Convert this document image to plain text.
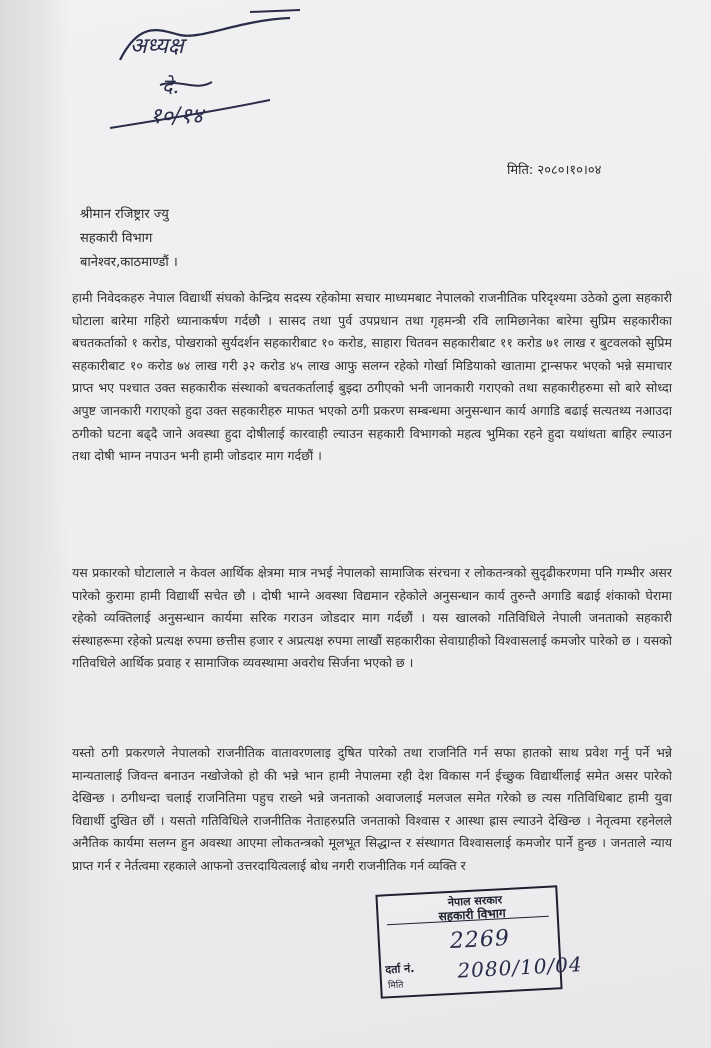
अध्यक्ष
दे.
१०/१४
मिति: २०८०।१०।०४
श्रीमान रजिष्ट्रार ज्यु
सहकारी विभाग
बानेश्वर,काठमाण्डौं ।

हामी निवेदकहरु नेपाल विद्यार्थी संघको केन्द्रिय सदस्य रहेकोमा सचार माध्यमबाट नेपालको राजनीतिक परिदृश्यमा उठेको ठुला सहकारी घोटाला बारेमा गहिरो ध्यानाकर्षण गर्दछौ । सासद तथा पुर्व उपप्रधान तथा गृहमन्त्री रवि लामिछानेका बारेमा सुप्रिम सहकारीका बचतकर्ताको १ करोड, पोखराको सुर्यदर्शन सहकारीबाट १० करोड, साहारा चितवन सहकारीबाट ११ करोड ७१ लाख र बुटवलको सुप्रिम सहकारीबाट १० करोड ७४ लाख गरी ३२ करोड ४५ लाख आफु सलग्न रहेको गोर्खा मिडियाको खातामा ट्रान्सफर भएको भन्ने समाचार प्राप्त भए पश्चात उक्त सहकारीक संस्थाको बचतकर्तालाई बुझ्दा ठगीएको भनी जानकारी गराएको तथा सहकारीहरुमा सो बारे सोध्दा अपुष्ट जानकारी गराएको हुदा उक्त सहकारीहरु माफत भएको ठगी प्रकरण सम्बन्धमा अनुसन्धान कार्य अगाडि बढाई सत्यतथ्य नआउदा ठगीको घटना बढ्दै जाने अवस्था हुदा दोषीलाई कारवाही ल्याउन सहकारी विभागको महत्व भुमिका रहने हुदा यथांथता बाहिर ल्याउन तथा दोषी भाग्न नपाउन भनी हामी जोडदार माग गर्दछौं ।

यस प्रकारको घोटालाले न केवल आर्थिक क्षेत्रमा मात्र नभई नेपालको सामाजिक संरचना र लोकतन्त्रको सुदृढीकरणमा पनि गम्भीर असर पारेको कुरामा हामी विद्यार्थी सचेत छौ । दोषी भाग्ने अवस्था विद्यमान रहेकोले अनुसन्धान कार्य तुरुन्तै अगाडि बढाई शंकाको घेरामा रहेको व्यक्तिलाई अनुसन्धान कार्यमा सरिक गराउन जोडदार माग गर्दछौं । यस खालको गतिविधिले नेपाली जनताको सहकारी संस्थाहरूमा रहेको प्रत्यक्ष रुपमा छत्तीस हजार र अप्रत्यक्ष रुपमा लाखौं सहकारीका सेवाग्राहीको विश्वासलाई कमजोर पारेको छ । यसको गतिवधिले आर्थिक प्रवाह र सामाजिक व्यवस्थामा अवरोध सिर्जना भएको छ ।

यस्तो ठगी प्रकरणले नेपालको राजनीतिक वातावरणलाइ दुषित पारेको तथा राजनिति गर्न सफा हातको साथ प्रवेश गर्नु पर्ने भन्ने मान्यतालाई जिवन्त बनाउन नखोजेको हो की भन्ने भान हामी नेपालमा रही देश विकास गर्न ईच्छुक विद्यार्थीलाई समेत असर पारेको देखिन्छ । ठगीधन्दा चलाई राजनितिमा पहुच राख्ने भन्ने जनताको अवाजलाई मलजल समेत गरेको छ त्यस गतिविधिबाट हामी युवा विद्यार्थी दुखित छौं । यसतो गतिविधिले राजनीतिक नेताहरुप्रति जनताको विश्वास र आस्था ह्रास ल्याउने देखिन्छ । नेतृत्वमा रहनेलले अनैतिक कार्यमा सलग्न हुन अवस्था आएमा लोकतन्त्रको मूलभूत सिद्धान्त र संस्थागत विश्वासलाई कमजोर पार्ने हुन्छ । जनताले न्याय प्राप्त गर्न र नेर्तत्वमा रहकाले आफनो उत्तरदायित्वलाई बोध नगरी राजनीतिक गर्न व्यक्ति र

नेपाल सरकार
सहकारी विभाग
दर्ता नं.
2269
2080/10/04
मिति
